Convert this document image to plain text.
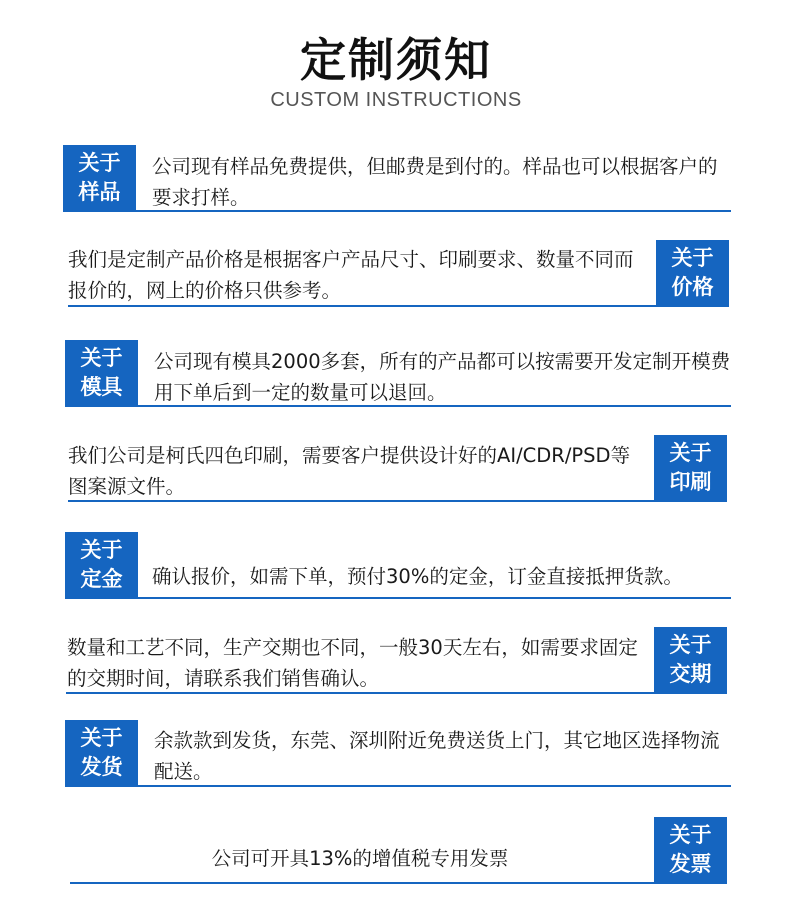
定制须知
CUSTOM INSTRUCTIONS
关于
样品
公司现有样品免费提供，但邮费是到付的。样品也可以根据客户的要求打样。
关于
价格
我们是定制产品价格是根据客户产品尺寸、印刷要求、数量不同而报价的，网上的价格只供参考。
关于
模具
公司现有模具2000多套，所有的产品都可以按需要开发定制开模费用下单后到一定的数量可以退回。
关于
印刷
我们公司是柯氏四色印刷，需要客户提供设计好的AI/CDR/PSD等图案源文件。
关于
定金	确认报价，如需下单，预付30%的定金，订金直接抵押货款。
关于
交期
数量和工艺不同，生产交期也不同，一般30天左右，如需要求固定的交期时间，请联系我们销售确认。
关于
发货
余款款到发货，东莞、深圳附近免费送货上门，其它地区选择物流配送。
关于
发票
公司可开具13%的增值税专用发票
